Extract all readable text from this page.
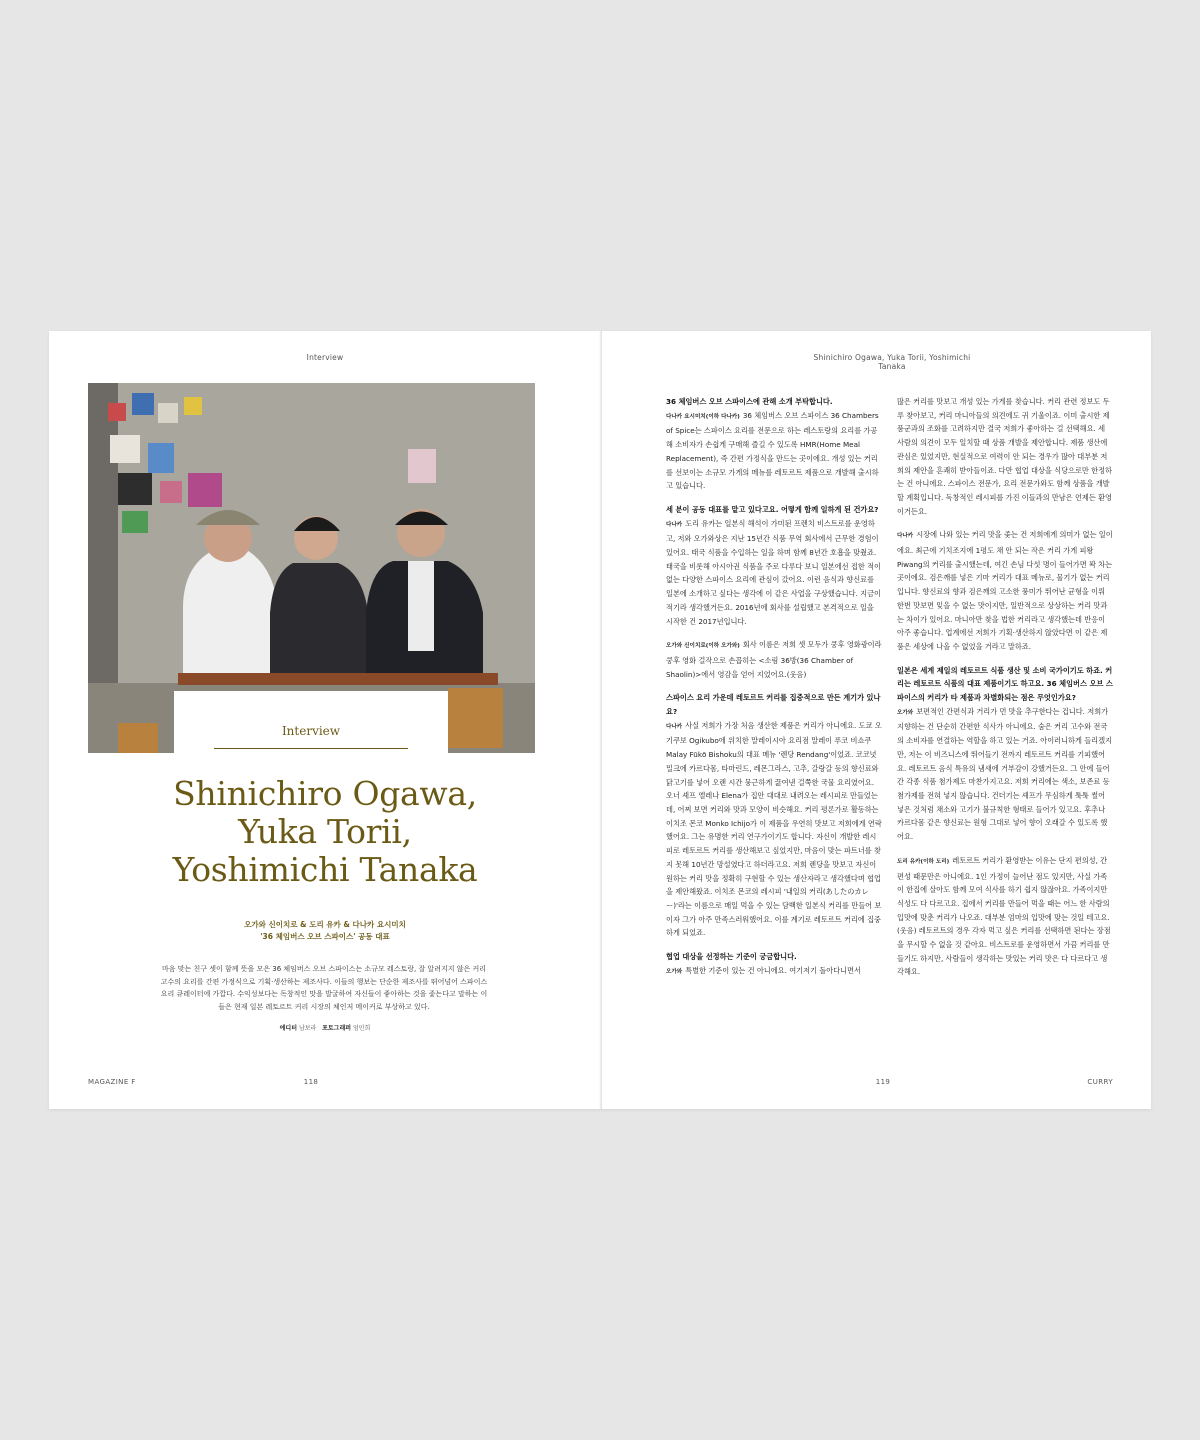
Interview
Interview
Shinichiro Ogawa,
Yuka Torii,
Yoshimichi Tanaka
오가와 신이치로 & 도리 유카 & 다나카 요시미치
'36 체임버스 오브 스파이스' 공동 대표
마음 맞는 친구 셋이 함께 뜻을 모은 36 체임버스 오브 스파이스는 소규모 레스토랑, 잘 알려지지 않은 커리 고수의 요리를 간편 가정식으로 기획·생산하는 제조사다. 이들의 행보는 단순한 제조사를 뛰어넘어 스파이스 요리 큐레이터에 가깝다. 수익성보다는 독창적인 맛을 발굴하여 자신들이 좋아하는 것을 좇는다고 말하는 이들은 현재 일본 레토르트 커리 시장의 체인저 메이커로 부상하고 있다.
에디터 남보라 포토그래퍼 엄민희
MAGAZINE F	118
Shinichiro Ogawa, Yuka Torii, Yoshimichi Tanaka
36 체임버스 오브 스파이스에 관해 소개 부탁합니다.
다나카 요시미치(이하 다나카) 36 체임버스 오브 스파이스 36 Chambers of Spice는 스파이스 요리를 전문으로 하는 레스토랑의 요리를 가공해 소비자가 손쉽게 구매해 즐길 수 있도록 HMR(Home Meal Replacement), 즉 간편 가정식을 만드는 곳이에요. 개성 있는 커리를 선보이는 소규모 가게의 메뉴를 레토르트 제품으로 개발해 출시하고 있습니다.
세 분이 공동 대표를 맡고 있다고요. 어떻게 함께 일하게 된 건가요?
다나카 도리 유카는 일본식 해석이 가미된 프렌치 비스트로를 운영하고, 저와 오가와상은 지난 15년간 식품 무역 회사에서 근무한 경험이 있어요. 태국 식품을 수입하는 일을 하며 함께 8년간 호흡을 맞췄죠. 태국을 비롯해 아시아권 식품을 주로 다루다 보니 일본에선 접한 적이 없는 다양한 스파이스 요리에 관심이 갔어요. 이런 음식과 향신료를 일본에 소개하고 싶다는 생각에 이 같은 사업을 구상했습니다. 지금이 적기라 생각했거든요. 2016년에 회사를 설립했고 본격적으로 일을 시작한 건 2017년입니다.
오가와 신이치로(이하 오가와) 회사 이름은 저희 셋 모두가 쿵후 영화광이라 쿵후 영화 걸작으로 손꼽히는 <소림 36방(36 Chamber of Shaolin)>에서 영감을 얻어 지었어요.(웃음)
스파이스 요리 가운데 레토르트 커리를 집중적으로 만든 계기가 있나요?
다나카 사실 저희가 가장 처음 생산한 제품은 커리가 아니에요. 도쿄 오기쿠보 Ogikubo에 위치한 말레이시아 요리점 말레이 푸코 비쇼쿠 Malay Fūkō Bishoku의 대표 메뉴 '렌당 Rendang'이었죠. 코코넛 밀크에 카르다몸, 타마린드, 레몬그라스, 고추, 갈랑갈 등의 향신료와 닭고기를 넣어 오랜 시간 뭉근하게 끓여낸 걸쭉한 국물 요리였어요. 오너 셰프 엘레나 Elena가 집안 대대로 내려오는 레시피로 만들었는데, 어찌 보면 커리와 맛과 모양이 비슷해요. 커리 평론가로 활동하는 이치조 몬코 Monko Ichijo가 이 제품을 우연히 맛보고 저희에게 연락했어요. 그는 유명한 커리 연구가이기도 합니다. 자신이 개발한 레시피로 레토르트 커리를 생산해보고 싶었지만, 마음이 맞는 파트너를 찾지 못해 10년간 망설였다고 하더라고요. 저희 렌당을 맛보고 자신이 원하는 커리 맛을 정확히 구현할 수 있는 생산자라고 생각했다며 협업을 제안해왔죠. 이치조 몬코의 레시피 '내일의 커리(あしたのカレー)'라는 이름으로 매일 먹을 수 있는 담백한 일본식 커리를 만들어 보이자 그가 아주 만족스러워했어요. 이를 계기로 레토르트 커리에 집중하게 되었죠.
협업 대상을 선정하는 기준이 궁금합니다.
오가와 특별한 기준이 있는 건 아니에요. 여기저기 돌아다니면서
많은 커리를 맛보고 개성 있는 가게를 찾습니다. 커리 관련 정보도 두루 찾아보고, 커리 마니아들의 의견에도 귀 기울이죠. 이미 출시한 제품군과의 조화를 고려하지만 결국 저희가 좋아하는 걸 선택해요. 세 사람의 의견이 모두 일치할 때 상품 개발을 제안합니다. 제품 생산에 관심은 있었지만, 현실적으로 여력이 안 되는 경우가 많아 대부분 저희의 제안을 흔쾌히 받아들이죠. 다만 협업 대상을 식당으로만 한정하는 건 아니에요. 스파이스 전문가, 요리 전문가와도 함께 상품을 개발할 계획입니다. 독창적인 레시피를 가진 이들과의 만남은 언제든 환영이거든요.
다나카 시장에 나와 있는 커리 맛을 좇는 건 저희에게 의미가 없는 일이에요. 최근에 기치조지에 1평도 채 안 되는 작은 커리 가게 피왕 Piwang의 커리를 출시했는데, 여긴 손님 다섯 명이 들어가면 꽉 차는 곳이에요. 검은깨를 넣은 기마 커리가 대표 메뉴로, 물기가 없는 커리입니다. 향신료의 향과 검은깨의 고소한 풍미가 뛰어난 균형을 이뤄 한번 맛보면 잊을 수 없는 맛이지만, 일반적으로 상상하는 커리 맛과는 차이가 있어요. 마니아만 찾을 법한 커리라고 생각했는데 반응이 아주 좋습니다. 업계에선 저희가 기획·생산하지 않았다면 이 같은 제품은 세상에 나올 수 없었을 거라고 말하죠.
일본은 세계 제일의 레토르트 식품 생산 및 소비 국가이기도 하죠. 커리는 레토르트 식품의 대표 제품이기도 하고요. 36 체임버스 오브 스파이스의 커리가 타 제품과 차별화되는 점은 무엇인가요?
오가와 보편적인 간편식과 거리가 먼 맛을 추구한다는 겁니다. 저희가 지향하는 건 단순히 간편한 식사가 아니에요. 숨은 커리 고수와 전국의 소비자를 연결하는 역할을 하고 있는 거죠. 아이러니하게 들리겠지만, 저는 이 비즈니스에 뛰어들기 전까지 레토르트 커리를 기피했어요. 레토르트 음식 특유의 냄새에 거부감이 강했거든요. 그 안에 들어간 각종 식품 첨가제도 마찬가지고요. 저희 커리에는 색소, 보존료 등 첨가제를 전혀 넣지 않습니다. 건더기는 셰프가 무심하게 툭툭 썰어 넣은 것처럼 채소와 고기가 불규칙한 형태로 들어가 있고요. 후추나 카르다몸 같은 향신료는 원형 그대로 넣어 향이 오래갈 수 있도록 했어요.
도리 유카(이하 도리) 레토르트 커리가 환영받는 이유는 단지 편의성, 간편성 때문만은 아니에요. 1인 가정이 늘어난 점도 있지만, 사실 가족이 한집에 살아도 함께 모여 식사를 하기 쉽지 않잖아요. 가족이지만 식성도 다 다르고요. 집에서 커리를 만들어 먹을 때는 어느 한 사람의 입맛에 맞춘 커리가 나오죠. 대부분 엄마의 입맛에 맞는 것일 테고요.(웃음) 레토르트의 경우 각자 먹고 싶은 커리를 선택하면 된다는 장점을 무시할 수 없을 것 같아요. 비스트로를 운영하면서 가끔 커리를 만들기도 하지만, 사람들이 생각하는 맛있는 커리 맛은 다 다르다고 생각해요.
119	CURRY
